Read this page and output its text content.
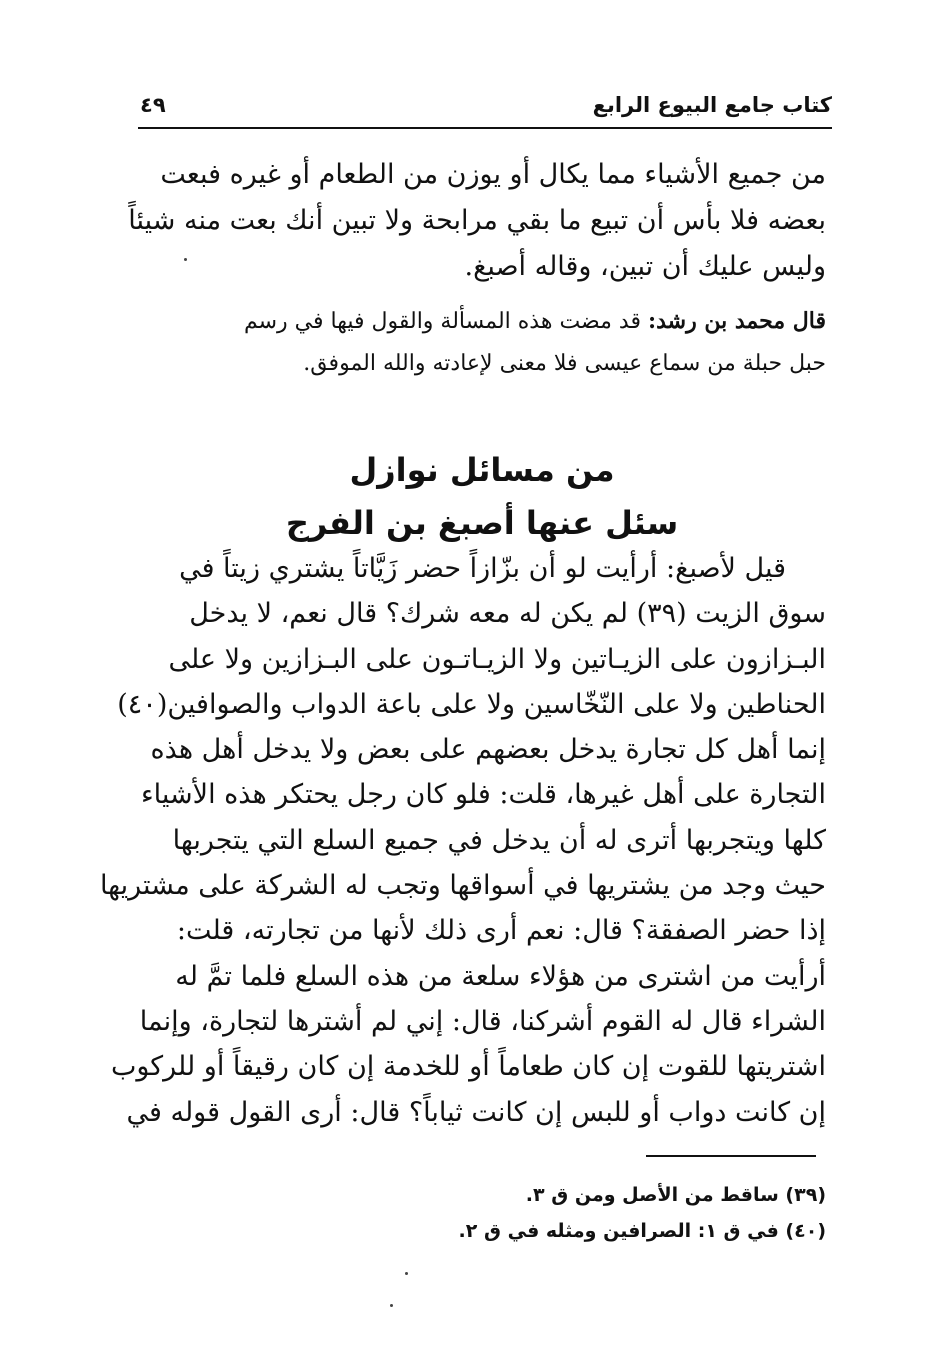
كتاب جامع البيوع الرابع
٤٩
من جميع الأشياء مما يكال أو يوزن من الطعام أو غيره فبعت
بعضه فلا بأس أن تبيع ما بقي مرابحة ولا تبين أنك بعت منه شيئاً
وليس عليك أن تبين، وقاله أصبغ.
قال محمد بن رشد: قد مضت هذه المسألة والقول فيها في رسم
حبل حبلة من سماع عيسى فلا معنى لإعادته والله الموفق.
من مسائل نوازل
سئل عنها أصبغ بن الفرج
قيل لأصبغ: أرأيت لو أن بزّازاً حضر زَيَّاتاً يشتري زيتاً في
سوق الزيت (٣٩) لم يكن له معه شرك؟ قال نعم، لا يدخل
البـزازون على الزيـاتين ولا الزيـاتـون على البـزازين ولا على
الحناطين ولا على النّخّاسين ولا على باعة الدواب والصوافين(٤٠)
إنما أهل كل تجارة يدخل بعضهم على بعض ولا يدخل أهل هذه
التجارة على أهل غيرها، قلت: فلو كان رجل يحتكر هذه الأشياء
كلها ويتجربها أترى له أن يدخل في جميع السلع التي يتجربها
حيث وجد من يشتريها في أسواقها وتجب له الشركة على مشتريها
إذا حضر الصفقة؟ قال: نعم أرى ذلك لأنها من تجارته، قلت:
أرأيت من اشترى من هؤلاء سلعة من هذه السلع فلما تمَّ له
الشراء قال له القوم أشركنا، قال: إني لم أشترها لتجارة، وإنما
اشتريتها للقوت إن كان طعاماً أو للخدمة إن كان رقيقاً أو للركوب
إن كانت دواب أو للبس إن كانت ثياباً؟ قال: أرى القول قوله في
(٣٩) ساقط من الأصل ومن ق ٣.
(٤٠) في ق ١: الصرافين ومثله في ق ٢.
